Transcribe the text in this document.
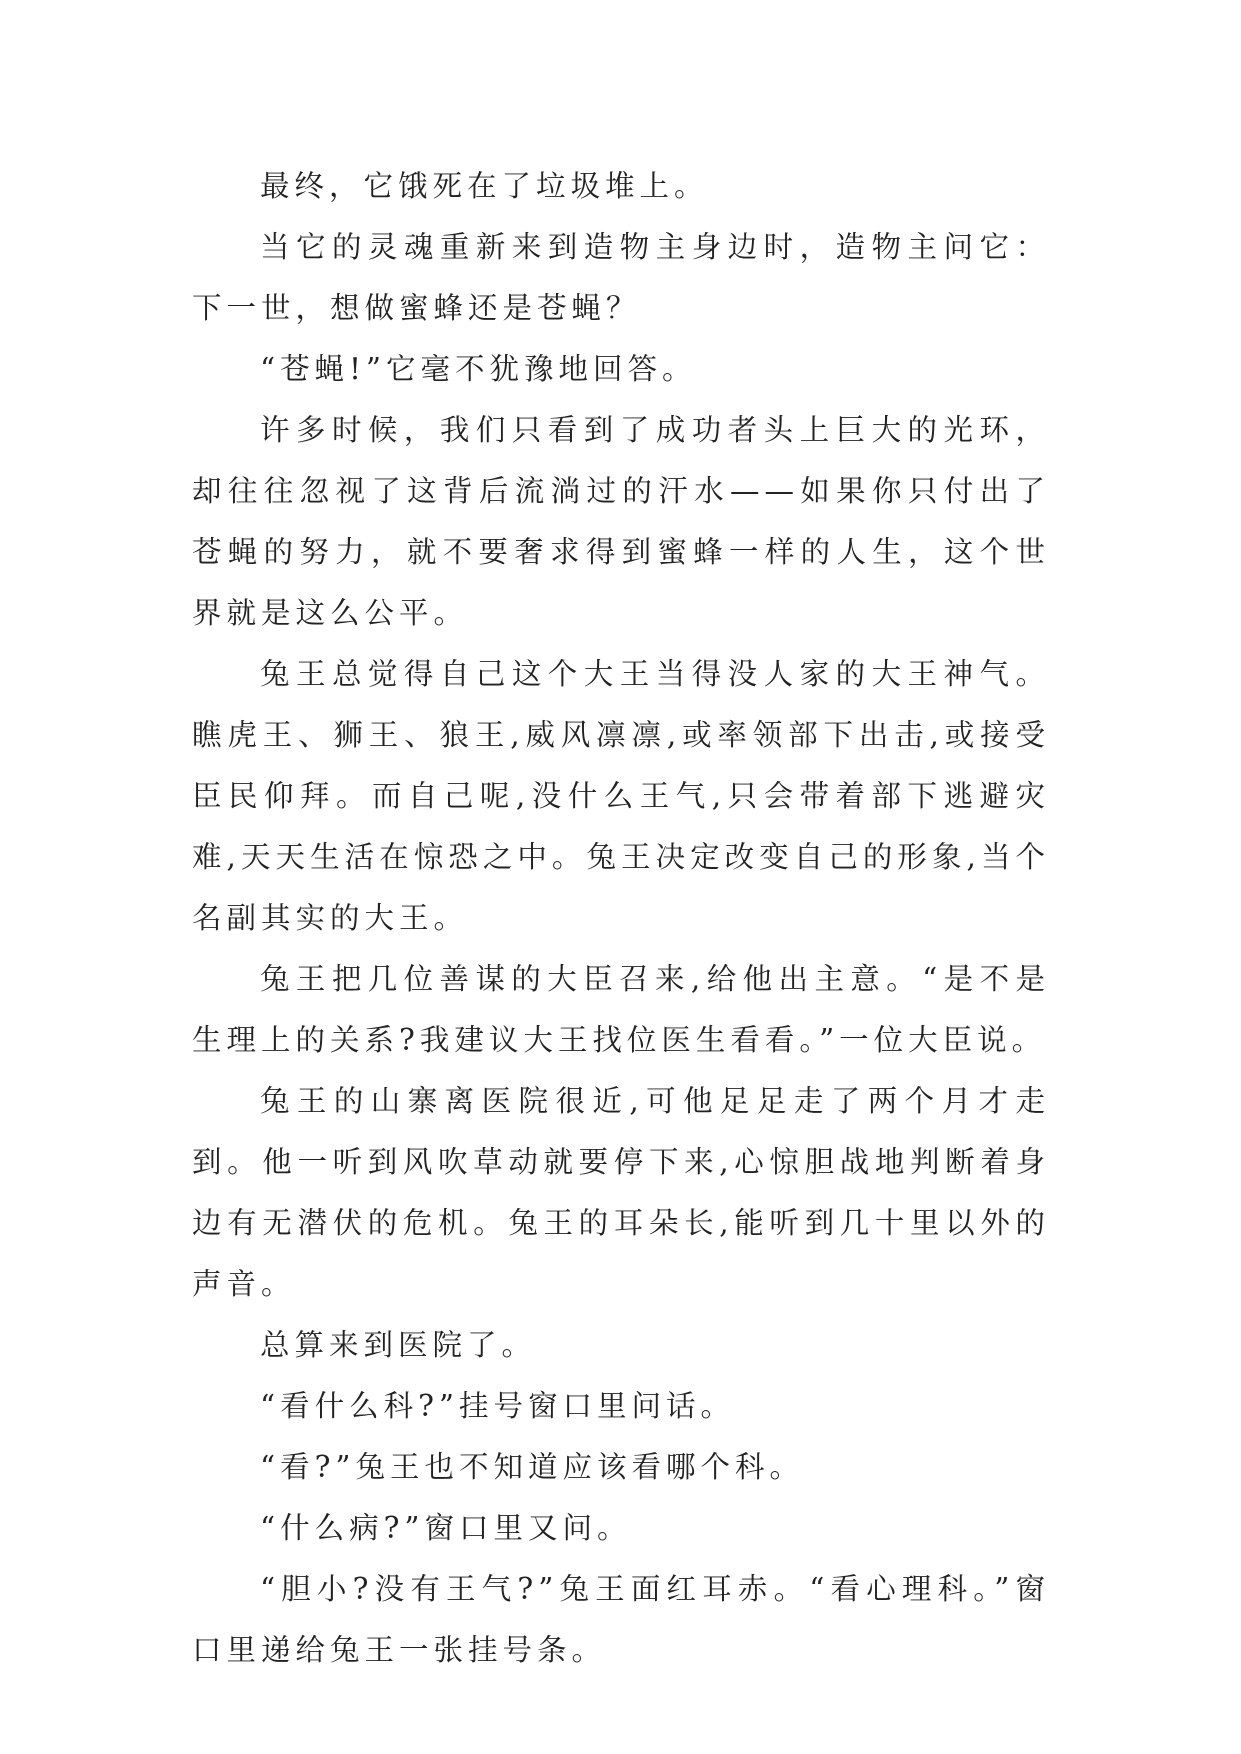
最终，它饿死在了垃圾堆上。

当它的灵魂重新来到造物主身边时，造物主问它：下一世，想做蜜蜂还是苍蝇？

“苍蝇!”它毫不犹豫地回答。

许多时候，我们只看到了成功者头上巨大的光环，却往往忽视了这背后流淌过的汗水——如果你只付出了苍蝇的努力，就不要奢求得到蜜蜂一样的人生，这个世界就是这么公平。

兔王总觉得自己这个大王当得没人家的大王神气。瞧虎王、狮王、狼王,威风凛凛,或率领部下出击,或接受臣民仰拜。而自己呢,没什么王气,只会带着部下逃避灾难,天天生活在惊恐之中。兔王决定改变自己的形象,当个名副其实的大王。

兔王把几位善谋的大臣召来,给他出主意。“是不是生理上的关系?我建议大王找位医生看看。”一位大臣说。

兔王的山寨离医院很近,可他足足走了两个月才走到。他一听到风吹草动就要停下来,心惊胆战地判断着身边有无潜伏的危机。兔王的耳朵长,能听到几十里以外的声音。

总算来到医院了。

“看什么科?”挂号窗口里问话。

“看?”兔王也不知道应该看哪个科。

“什么病?”窗口里又问。

“胆小?没有王气?”兔王面红耳赤。“看心理科。”窗口里递给兔王一张挂号条。
